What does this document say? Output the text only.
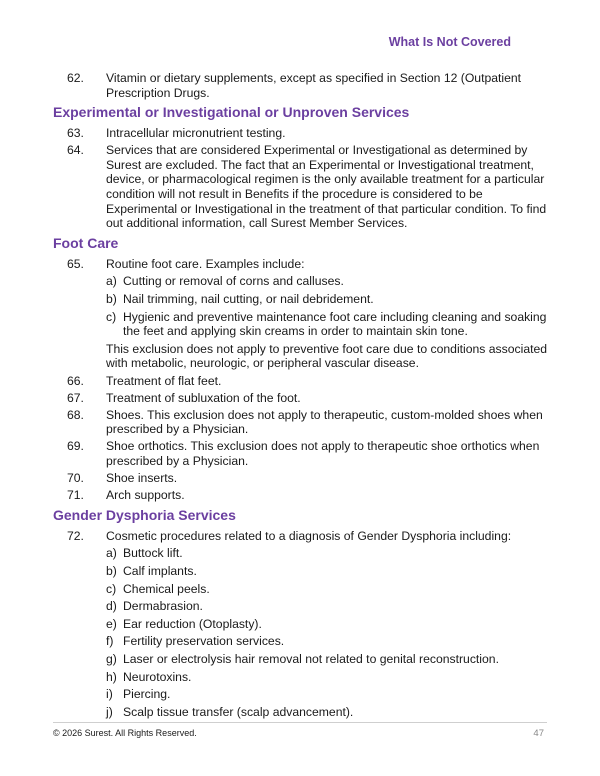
What Is Not Covered
62. Vitamin or dietary supplements, except as specified in Section 12 (Outpatient Prescription Drugs.
Experimental or Investigational or Unproven Services
63. Intracellular micronutrient testing.
64. Services that are considered Experimental or Investigational as determined by Surest are excluded. The fact that an Experimental or Investigational treatment, device, or pharmacological regimen is the only available treatment for a particular condition will not result in Benefits if the procedure is considered to be Experimental or Investigational in the treatment of that particular condition. To find out additional information, call Surest Member Services.
Foot Care
65. Routine foot care. Examples include:
a) Cutting or removal of corns and calluses.
b) Nail trimming, nail cutting, or nail debridement.
c) Hygienic and preventive maintenance foot care including cleaning and soaking the feet and applying skin creams in order to maintain skin tone.
This exclusion does not apply to preventive foot care due to conditions associated with metabolic, neurologic, or peripheral vascular disease.
66. Treatment of flat feet.
67. Treatment of subluxation of the foot.
68. Shoes. This exclusion does not apply to therapeutic, custom-molded shoes when prescribed by a Physician.
69. Shoe orthotics. This exclusion does not apply to therapeutic shoe orthotics when prescribed by a Physician.
70. Shoe inserts.
71. Arch supports.
Gender Dysphoria Services
72. Cosmetic procedures related to a diagnosis of Gender Dysphoria including:
a) Buttock lift.
b) Calf implants.
c) Chemical peels.
d) Dermabrasion.
e) Ear reduction (Otoplasty).
f) Fertility preservation services.
g) Laser or electrolysis hair removal not related to genital reconstruction.
h) Neurotoxins.
i) Piercing.
j) Scalp tissue transfer (scalp advancement).
© 2026 Surest. All Rights Reserved.	47
